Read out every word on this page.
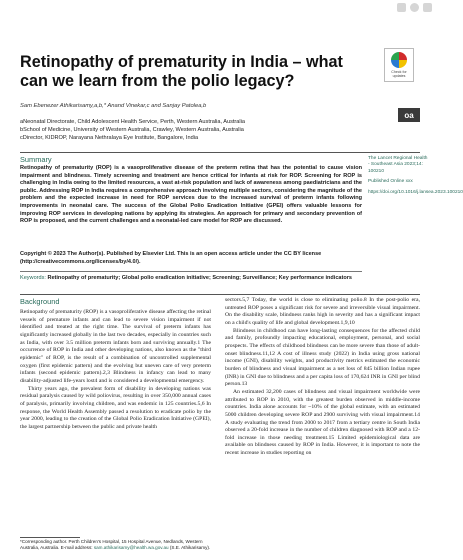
Retinopathy of prematurity in India – what can we learn from the polio legacy?	Check for updates
Sam Ebenezer Athikarisamy,a,b,* Anand Vinekar,c and Sanjay Patolea,b
aNeonatal Directorate, Child Adolescent Health Service, Perth, Western Australia, Australia
bSchool of Medicine, University of Western Australia, Crawley, Western Australia, Australia
cDirector, KIDROP, Narayana Nethralaya Eye Institute, Bangalore, India
oa
Summary
Retinopathy of prematurity (ROP) is a vasoproliferative disease of the preterm retina that has the potential to cause vision impairment and blindness. Timely screening and treatment are hence critical for infants at risk for ROP. Screening for ROP is challenging in India owing to the limited resources, a vast at-risk population and lack of awareness among paediatricians and the public. Addressing ROP in India requires a comprehensive approach involving multiple sectors, considering the magnitude of the problem and the expected increase in need for ROP services due to the increased survival of preterm infants following improvements in neonatal care. The success of the Global Polio Eradication Initiative (GPEI) offers valuable lessons for improving ROP services in developing nations by applying its strategies. An approach for primary and secondary prevention of ROP is proposed, and the current challenges and a neonatal-led care model for ROP are discussed.
The Lancet Regional Health - Southeast Asia 2023;14: 100210
Published Online xxx
https://doi.org/10.1016/j.lansea.2023.100210
Copyright © 2023 The Author(s). Published by Elsevier Ltd. This is an open access article under the CC BY license (http://creativecommons.org/licenses/by/4.0/).
Keywords: Retinopathy of prematurity; Global polio eradication initiative; Screening; Surveillance; Key performance indicators
Background

Retinopathy of prematurity (ROP) is a vasoproliferative disease affecting the retinal vessels of premature infants and can lead to severe vision impairment if not identified and treated at the right time. The survival of preterm infants has significantly increased globally in the last two decades, especially in countries such as India, with over 3.5 million preterm infants born and surviving annually.1 The occurrence of ROP in India and other developing nations, also known as the "third epidemic" of ROP, is the result of a combination of uncontrolled supplemental oxygen (first epidemic pattern) and the evolving but uneven care of very preterm infants (second epidemic pattern).2,3 Blindness in infancy can lead to many disability-adjusted life-years lost4 and is considered a developmental emergency.

Thirty years ago, the prevalent form of disability in developing nations was residual paralysis caused by wild poliovirus, resulting in over 350,000 annual cases of paralysis, primarily involving children, and was endemic in 125 countries.5,6 In response, the World Health Assembly passed a resolution to eradicate polio by the year 2000, leading to the creation of the Global Polio Eradication Initiative (GPEI), the largest partnership between the public and private health

sectors.5,7 Today, the world is close to eliminating polio.8 In the post-polio era, untreated ROP poses a significant risk for severe and irreversible visual impairment. On the disability scale, blindness ranks high in severity and has a significant impact on a child's quality of life and global development.1,9,10

Blindness in childhood can have long-lasting consequences for the affected child and family, profoundly impacting educational, employment, personal, and social prospects. The effects of childhood blindness can be more severe than those of adult-onset blindness.11,12 A cost of illness study (2022) in India using gross national income (GNI), disability weights, and productivity metrics estimated the economic burden of blindness and visual impairment as a net loss of 845 billion Indian rupee (INR) in GNI due to blindness and a per capita loss of 170,624 INR in GNI per blind person.13

An estimated 32,200 cases of blindness and visual impairment worldwide were attributed to ROP in 2010, with the greatest burden observed in middle-income countries. India alone accounts for ~10% of the global estimate, with an estimated 5000 children developing severe ROP and 2900 surviving with visual impairment.14 A study evaluating the trend from 2000 to 2017 from a tertiary centre in South India observed a 20-fold increase in the number of children diagnosed with ROP and a 12-fold increase in those needing treatment.15 Limited epidemiological data are available on blindness caused by ROP in India. However, it is important to note the recent increase in studies reporting on

*Corresponding author. Perth Children's Hospital, 15 Hospital Avenue, Nedlands, Western Australia, Australia. E-mail address: sam.athikarisamy@health.wa.gov.au (S.E. Athikarisamy).
